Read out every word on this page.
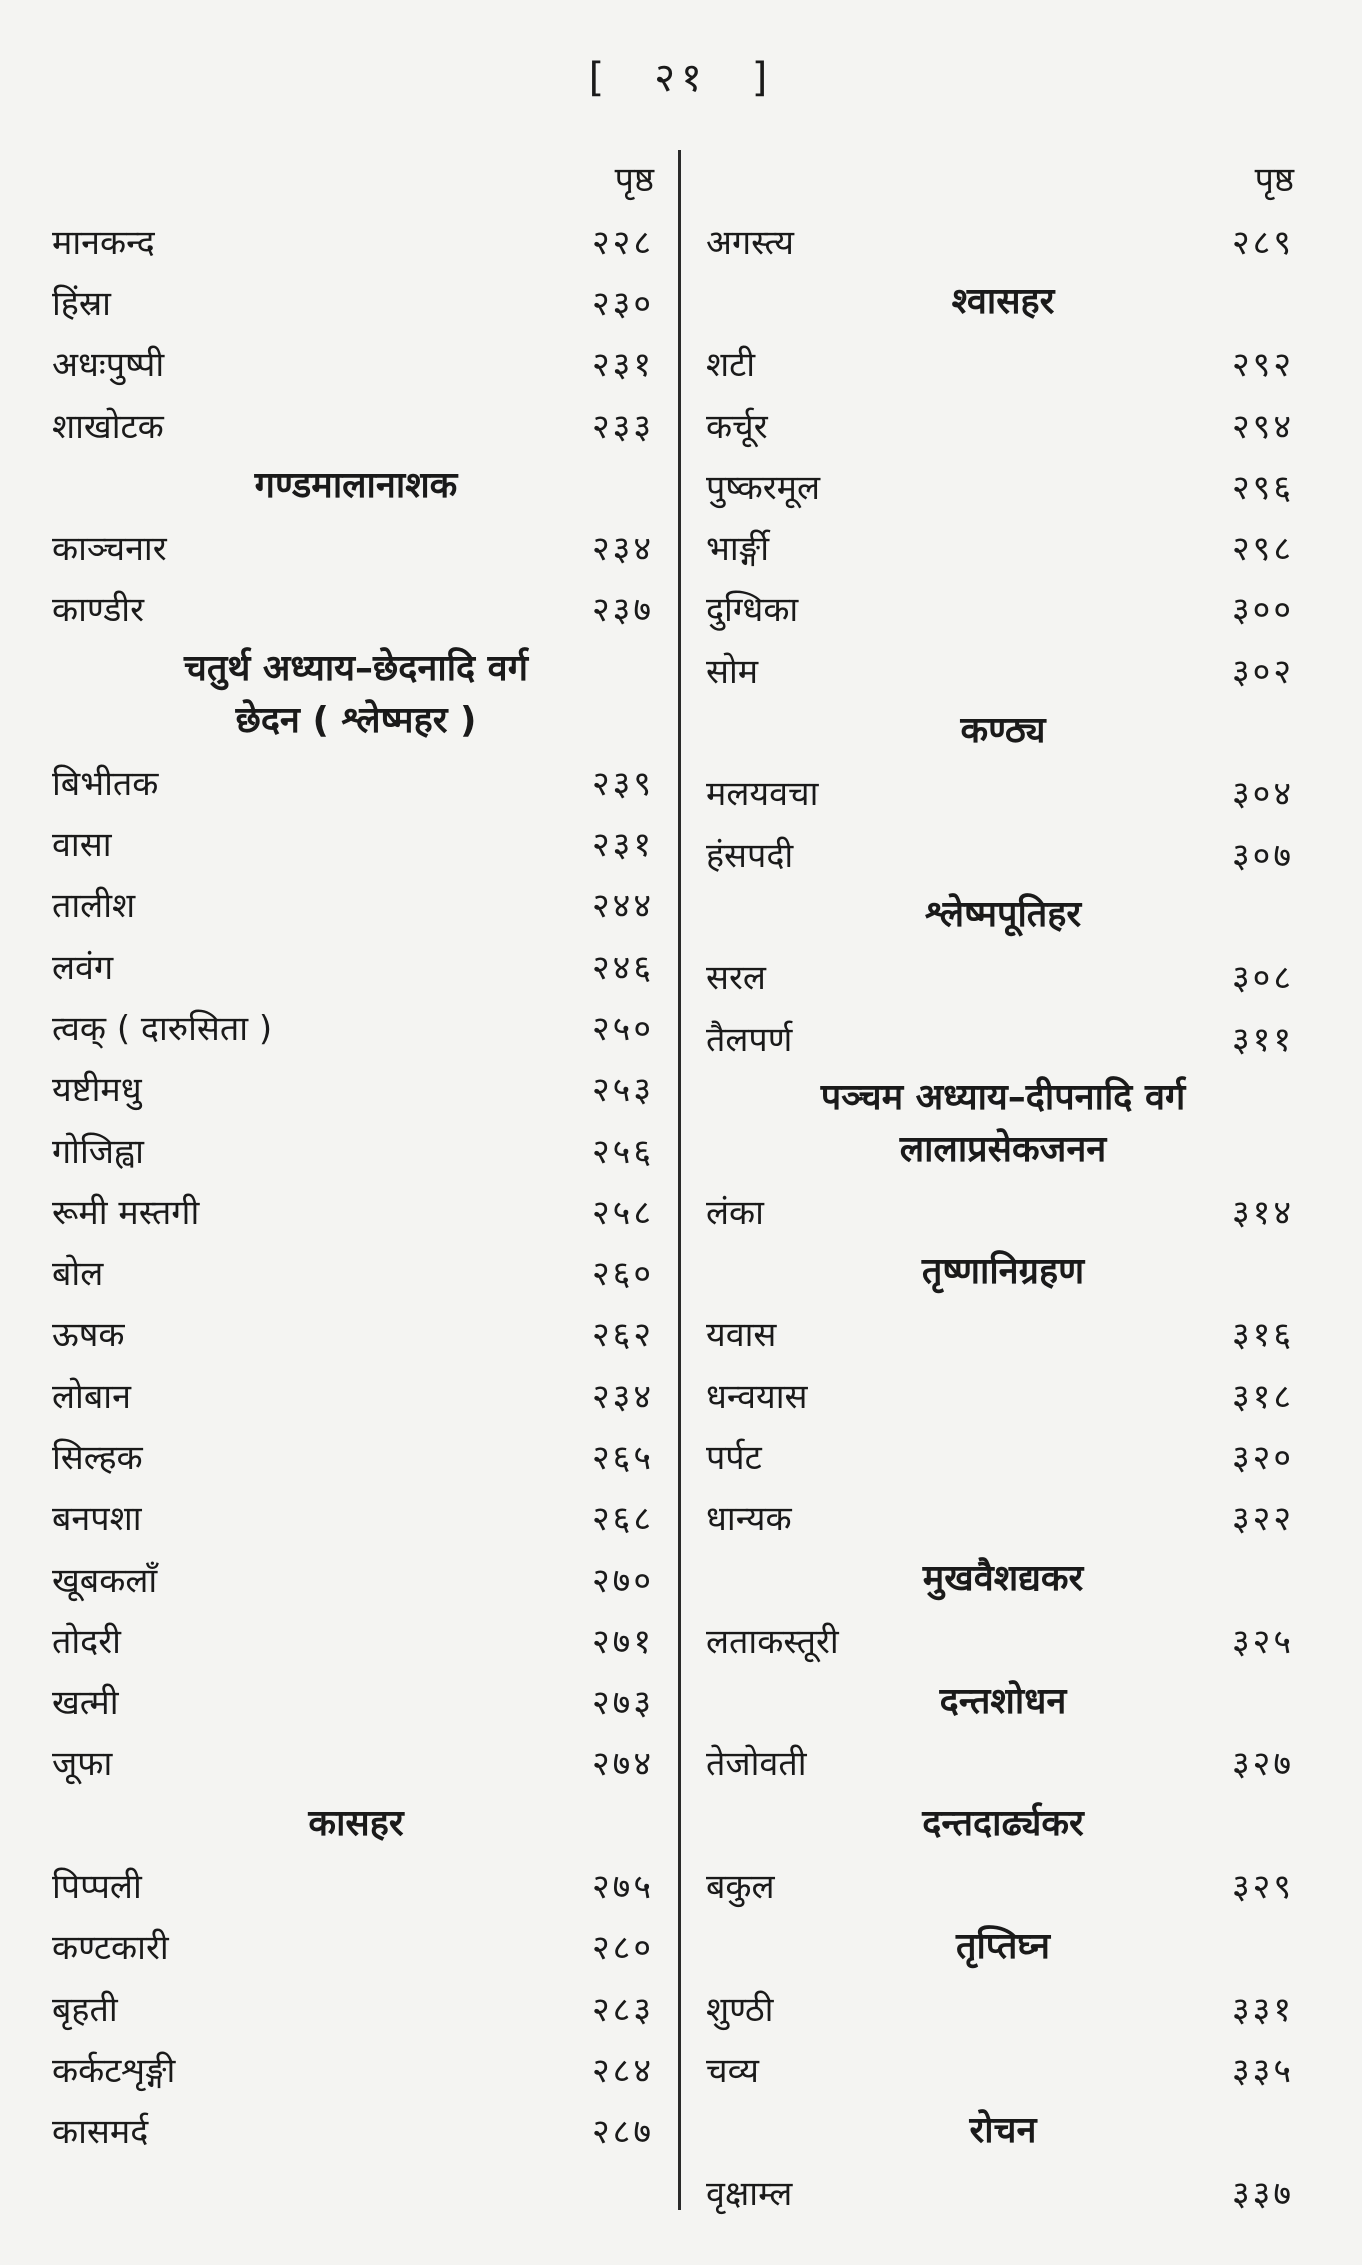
[ २१ ]
पृष्ठ
मानकन्द	२२८
हिंस्रा	२३०
अधःपुष्पी	२३१
शाखोटक	२३३
गण्डमालानाशक
काञ्चनार	२३४
काण्डीर	२३७
चतुर्थ अध्याय–छेदनादि वर्ग
छेदन ( श्लेष्महर )
बिभीतक	२३९
वासा	२३१
तालीश	२४४
लवंग	२४६
त्वक् ( दारुसिता )	२५०
यष्टीमधु	२५३
गोजिह्वा	२५६
रूमी मस्तगी	२५८
बोल	२६०
ऊषक	२६२
लोबान	२३४
सिल्हक	२६५
बनपशा	२६८
खूबकलाँ	२७०
तोदरी	२७१
खत्मी	२७३
जूफा	२७४
कासहर
पिप्पली	२७५
कण्टकारी	२८०
बृहती	२८३
कर्कटशृङ्गी	२८४
कासमर्द	२८७
पृष्ठ
अगस्त्य	२८९
श्वासहर
शटी	२९२
कर्चूर	२९४
पुष्करमूल	२९६
भार्ङ्गी	२९८
दुग्धिका	३००
सोम	३०२
कण्ठ्य
मलयवचा	३०४
हंसपदी	३०७
श्लेष्मपूतिहर
सरल	३०८
तैलपर्ण	३११
पञ्चम अध्याय–दीपनादि वर्ग
लालाप्रसेकजनन
लंका	३१४
तृष्णानिग्रहण
यवास	३१६
धन्वयास	३१८
पर्पट	३२०
धान्यक	३२२
मुखवैशद्यकर
लताकस्तूरी	३२५
दन्तशोधन
तेजोवती	३२७
दन्तदार्ढ्यकर
बकुल	३२९
तृप्तिघ्न
शुण्ठी	३३१
चव्य	३३५
रोचन
वृक्षाम्ल	३३७
